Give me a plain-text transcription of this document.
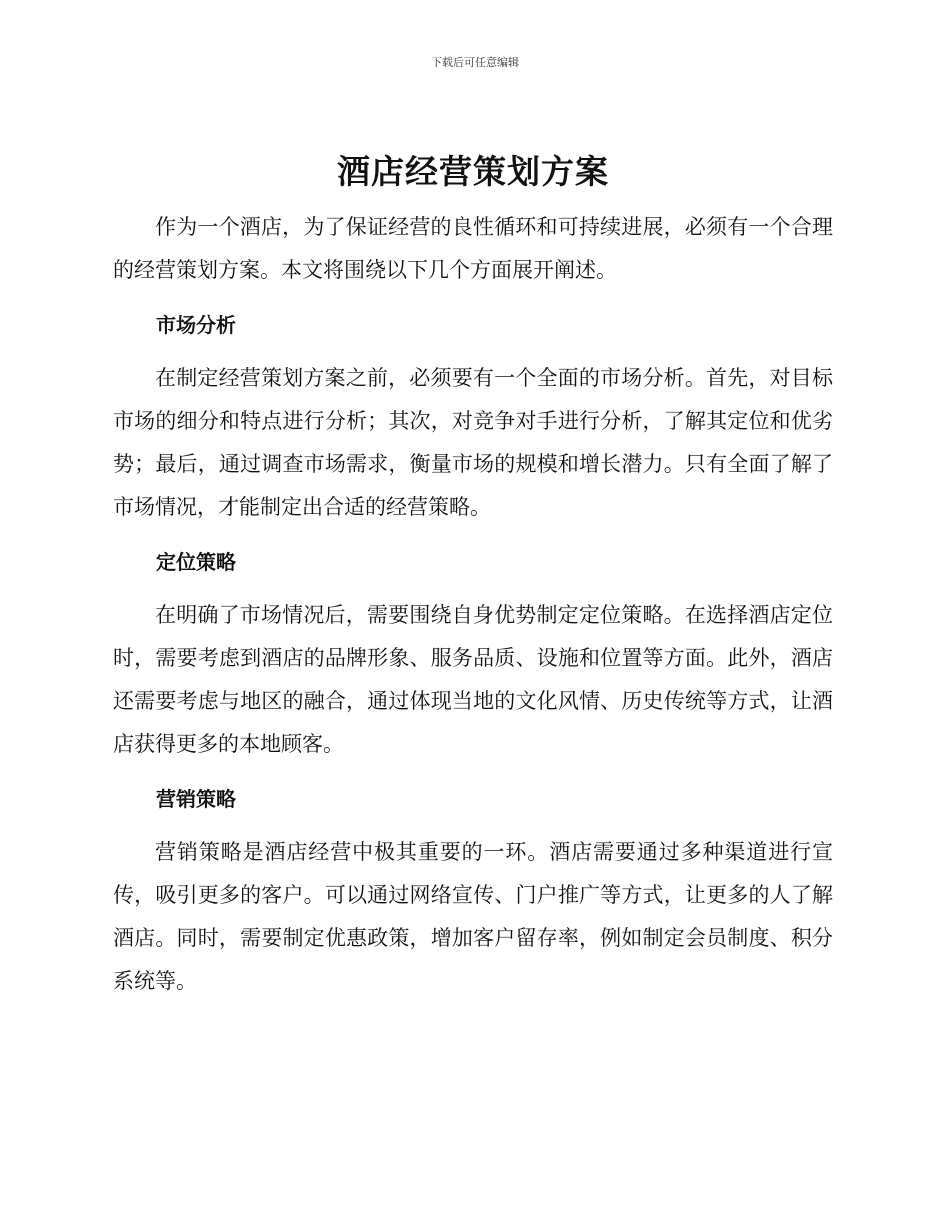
下载后可任意编辑
酒店经营策划方案

作为一个酒店，为了保证经营的良性循环和可持续进展，必须有一个合理的经营策划方案。本文将围绕以下几个方面展开阐述。

市场分析

在制定经营策划方案之前，必须要有一个全面的市场分析。首先，对目标市场的细分和特点进行分析；其次，对竞争对手进行分析，了解其定位和优劣势；最后，通过调查市场需求，衡量市场的规模和增长潜力。只有全面了解了市场情况，才能制定出合适的经营策略。

定位策略

在明确了市场情况后，需要围绕自身优势制定定位策略。在选择酒店定位时，需要考虑到酒店的品牌形象、服务品质、设施和位置等方面。此外，酒店还需要考虑与地区的融合，通过体现当地的文化风情、历史传统等方式，让酒店获得更多的本地顾客。

营销策略

营销策略是酒店经营中极其重要的一环。酒店需要通过多种渠道进行宣传，吸引更多的客户。可以通过网络宣传、门户推广等方式，让更多的人了解酒店。同时，需要制定优惠政策，增加客户留存率，例如制定会员制度、积分系统等。
